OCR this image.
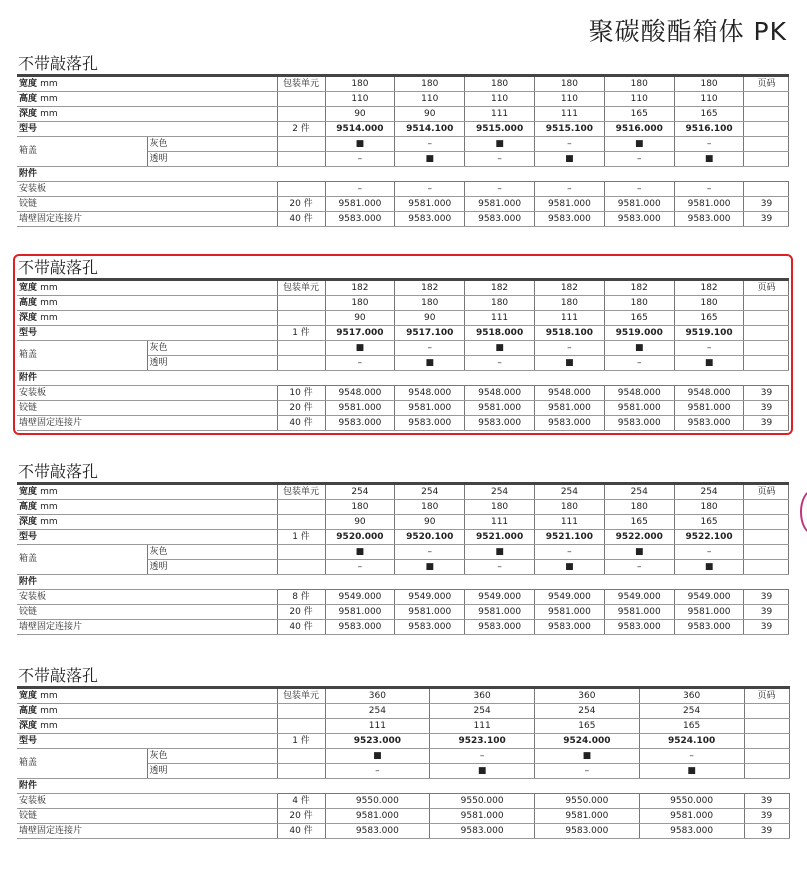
聚碳酸酯箱体 PK
不带敲落孔
宽度 mm		包装单元	180	180	180	180	180	180	页码
高度 mm			110	110	110	110	110	110	
深度 mm			90	90	111	111	165	165	
型号		2 件	9514.000	9514.100	9515.000	9515.100	9516.000	9516.100	
箱盖	灰色		■	–	■	–	■	–	
	透明		–	■	–	■	–	■	
附件									
安装板			–	–	–	–	–	–	
铰链		20 件	9581.000	9581.000	9581.000	9581.000	9581.000	9581.000	39
墙壁固定连接片		40 件	9583.000	9583.000	9583.000	9583.000	9583.000	9583.000	39
不带敲落孔
宽度 mm		包装单元	182	182	182	182	182	182	页码
高度 mm			180	180	180	180	180	180	
深度 mm			90	90	111	111	165	165	
型号		1 件	9517.000	9517.100	9518.000	9518.100	9519.000	9519.100	
箱盖	灰色		■	–	■	–	■	–	
	透明		–	■	–	■	–	■	
附件									
安装板		10 件	9548.000	9548.000	9548.000	9548.000	9548.000	9548.000	39
铰链		20 件	9581.000	9581.000	9581.000	9581.000	9581.000	9581.000	39
墙壁固定连接片		40 件	9583.000	9583.000	9583.000	9583.000	9583.000	9583.000	39
不带敲落孔
宽度 mm		包装单元	254	254	254	254	254	254	页码
高度 mm			180	180	180	180	180	180	
深度 mm			90	90	111	111	165	165	
型号		1 件	9520.000	9520.100	9521.000	9521.100	9522.000	9522.100	
箱盖	灰色		■	–	■	–	■	–	
	透明		–	■	–	■	–	■	
附件									
安装板		8 件	9549.000	9549.000	9549.000	9549.000	9549.000	9549.000	39
铰链		20 件	9581.000	9581.000	9581.000	9581.000	9581.000	9581.000	39
墙壁固定连接片		40 件	9583.000	9583.000	9583.000	9583.000	9583.000	9583.000	39
不带敲落孔
宽度 mm		包装单元	360	360	360	360	页码
高度 mm			254	254	254	254	
深度 mm			111	111	165	165	
型号		1 件	9523.000	9523.100	9524.000	9524.100	
箱盖	灰色		■	–	■	–	
	透明		–	■	–	■	
附件							
安装板		4 件	9550.000	9550.000	9550.000	9550.000	39
铰链		20 件	9581.000	9581.000	9581.000	9581.000	39
墙壁固定连接片		40 件	9583.000	9583.000	9583.000	9583.000	39
